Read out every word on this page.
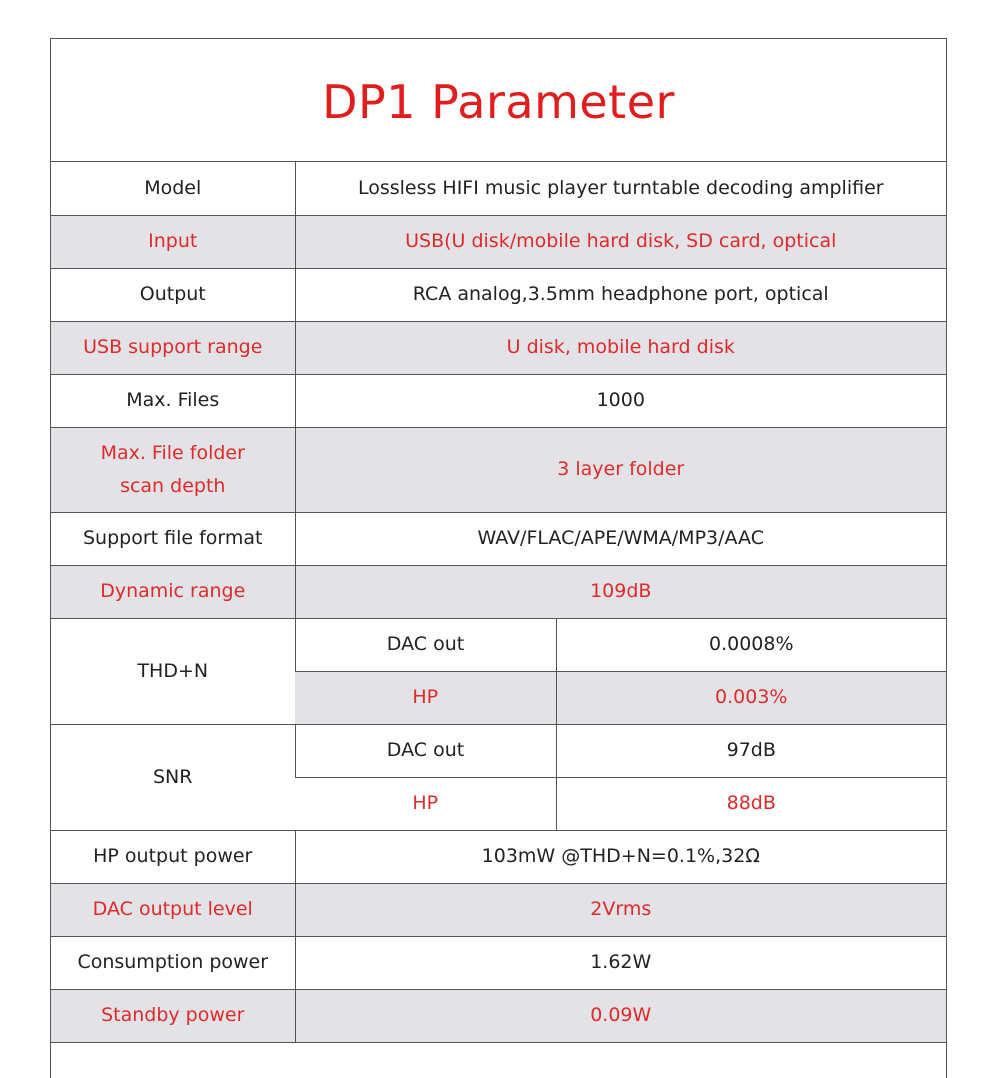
DP1 Parameter
Model	Lossless HIFI music player turntable decoding amplifier	
Input	USB(U disk/mobile hard disk, SD card, optical	
Output	RCA analog,3.5mm headphone port, optical	
USB support range	U disk, mobile hard disk	
Max. Files	1000	

Max. File folder
scan depth	3 layer folder	
Support file format	WAV/FLAC/APE/WMA/MP3/AAC	
Dynamic range	109dB	
THD+N	DAC out	0.0008%
	HP	0.003%
SNR	DAC out	97dB
	HP	88dB
HP output power	103mW @THD+N=0.1%,32Ω	
DAC output level	2Vrms	
Consumption power	1.62W	
Standby power	0.09W	
